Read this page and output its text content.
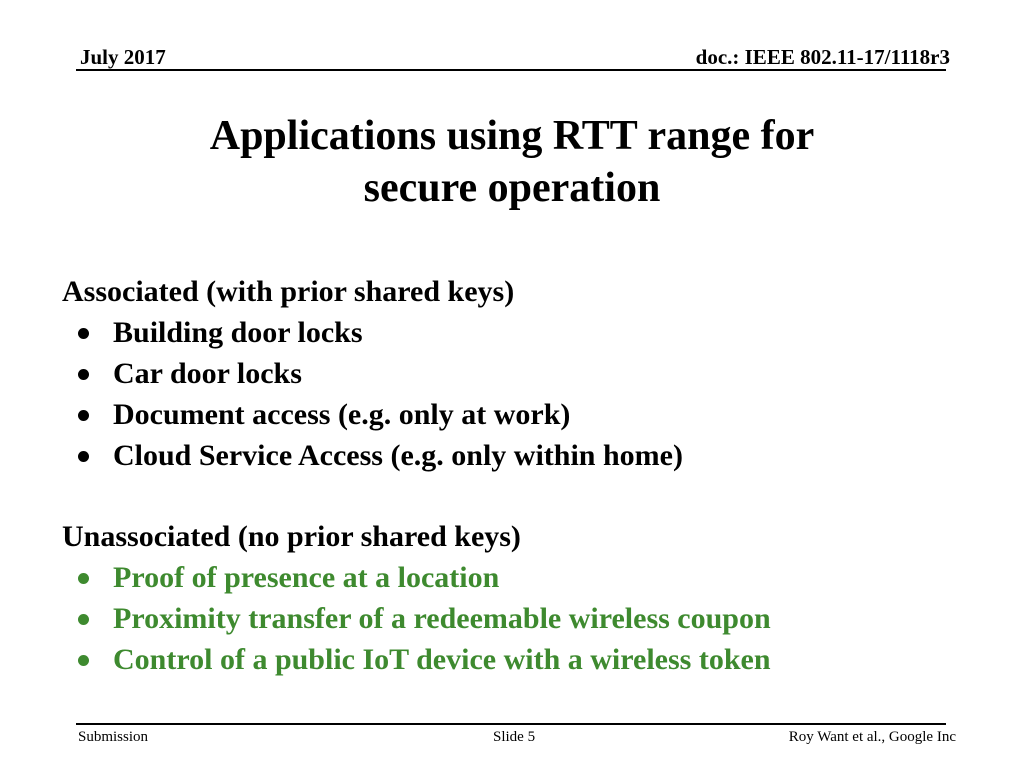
July 2017	doc.: IEEE 802.11-17/1118r3
Applications using RTT range for
secure operation

Associated (with prior shared keys)

Building door locks
Car door locks
Document access (e.g. only at work)
Cloud Service Access (e.g. only within home)

Unassociated (no prior shared keys)

Proof of presence at a location
Proximity transfer of a redeemable wireless coupon
Control of a public IoT device with a wireless token
Submission	Slide 5	Roy Want et al., Google Inc
